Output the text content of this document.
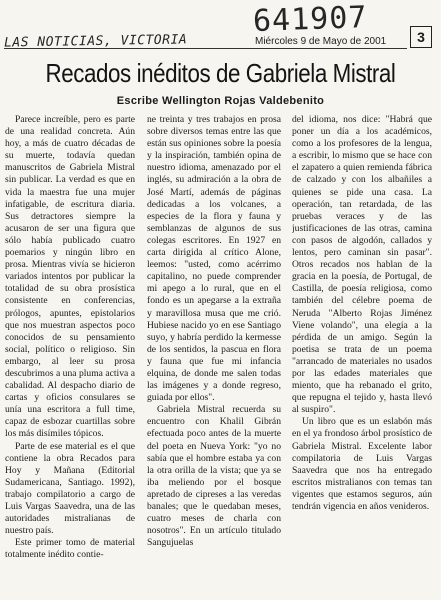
641907
LAS NOTICIAS, VICTORIA	Miércoles 9 de Mayo de 2001	3
Recados inéditos de Gabriela Mistral
Escribe Wellington Rojas Valdebenito

Parece increíble, pero es parte de una realidad concreta. Aún hoy, a más de cuatro décadas de su muerte, todavía quedan manuscritos de Gabriela Mistral sin publicar. La verdad es que en vida la maestra fue una mujer infatigable, de escritura diaria. Sus detractores siempre la acusaron de ser una figura que sólo había publicado cuatro poemarios y ningún libro en prosa. Mientras vivía se hicieron variados intentos por publicar la totalidad de su obra prosística consistente en conferencias, prólogos, apuntes, epistolarios que nos muestran aspectos poco conocidos de su pensamiento social, político o religioso. Sin embargo, al leer su prosa descubrimos a una pluma activa a cabalidad. Al despacho diario de cartas y oficios consulares se unía una escritora a full time, capaz de esbozar cuartillas sobre los más disímiles tópicos.

Parte de ese material es el que contiene la obra Recados para Hoy y Mañana (Editorial Sudamericana, Santiago. 1992), trabajo compilatorio a cargo de Luis Vargas Saavedra, una de las autoridades mistralianas de nuestro país.

Este primer tomo de material totalmente inédito contie-

ne treinta y tres trabajos en prosa sobre diversos temas entre las que están sus opiniones sobre la poesía y la inspiración, también opina de nuestro idioma, amenazado por el inglés, su admiración a la obra de José Martí, además de páginas dedicadas a los volcanes, a especies de la flora y fauna y semblanzas de algunos de sus colegas escritores. En 1927 en carta dirigida al crítico Alone, leemos: "usted, como acérrimo capitalino, no puede comprender mi apego a lo rural, que en el fondo es un apegarse a la extraña y maravillosa musa que me crió. Hubiese nacido yo en ese Santiago suyo, y habría perdido la kermesse de los sentidos, la pascua en flora y fauna que fue mi infancia elquina, de donde me salen todas las imágenes y a donde regreso, guiada por ellos".

Gabriela Mistral recuerda su encuentro con Khalil Gibrán efectuada poco antes de la muerte del poeta en Nueva York: "yo no sabía que el hombre estaba ya con la otra orilla de la vista; que ya se iba meliendo por el bosque apretado de cipreses a las veredas banales; que le quedaban meses, cuatro meses de charla con nosotros". En un artículo titulado Sangujuelas

del idioma, nos dice: "Habrá que poner un día a los académicos, como a los profesores de la lengua, a escribir, lo mismo que se hace con el zapatero a quien remienda fábrica de calzado y con los albañiles a quienes se pide una casa. La operación, tan retardada, de las pruebas veraces y de las justificaciones de las otras, camina con pasos de algodón, callados y lentos, pero caminan sin pasar". Otros recados nos hablan de la gracia en la poesía, de Portugal, de Castilla, de poesía religiosa, como también del célebre poema de Neruda "Alberto Rojas Jiménez Viene volando", una elegía a la pérdida de un amigo. Según la poetisa se trata de un poema "arrancado de materiales no usados por las edades materiales que miento, que ha rebanado el grito, que repugna el tejido y, hasta llevó al suspiro".

Un libro que es un eslabón más en el ya frondoso árbol prosístico de Gabriela Mistral. Excelente labor compilatoria de Luis Vargas Saavedra que nos ha entregado escritos mistralianos con temas tan vigentes que estamos seguros, aún tendrán vigencia en años venideros.
